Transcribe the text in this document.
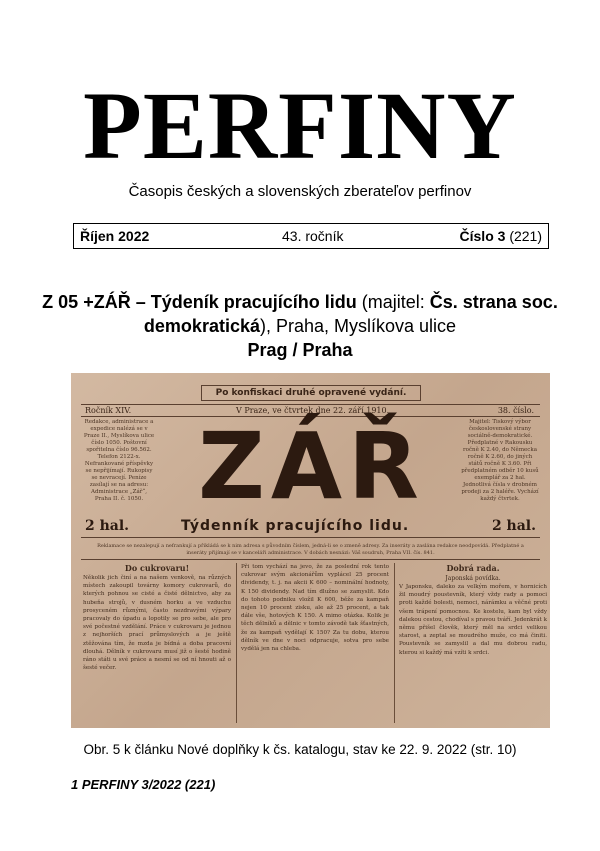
PERFINY
Časopis českých a slovenských zberateľov perfinov
Říjen 2022	43. ročník	Číslo 3 (221)
Z 05 +ZÁŘ – Týdeník pracujícího lidu (majitel: Čs. strana soc. demokratická), Praha, Myslíkova ulice
Prag / Praha
Po konfiskaci druhé opravené vydání.
Ročník XIV.	V Praze, ve čtvrtek dne 22. září 1910.	38. číslo.
Redakce, administrace a expedice nalézá se v Praze II., Myslíkova ulice číslo 1050. Poštovní spořitelna číslo 96.562. Telefon 2122-x. Nefrankované příspěvky se nepřijímají. Rukopisy se nevracejí. Peníze zasílají se na adresu: Administrace „Zář“, Praha II. č. 1050.
Majitel: Tiskový výbor československé strany sociálně-demokratické. Předplatné v Rakousku ročně K 2.40, do Německa ročně K 2.60, do jiných států ročně K 3.60. Při předplatném odběr 10 kusů exemplář za 2 hal. Jednotlivá čísla v drobném prodeji za 2 haléře. Vychází každý čtvrtek.
ZÁŘ
2 hal.	Týdenník pracujícího lidu.	2 hal.
Reklamace se nezalepují a nefrankují a přikládá se k nim adresa s původním číslem, jedná-li se o zmeně adresy. Za inseráty a zaslána redakce neodpovídá. Předplatné a inseráty přijímají se v kanceláři administrace. V dobách nesnázi: Váš soudruh, Praha VII. čís. 841.
Do cukrovaru!
Několik jich činí a na našem venkově, na různých místech zakoupil továrny komory cukrovarů, do kterých pohnou se cisté a čisté dělnictvo, aby za hubeňa strojů, v dusném horku a ve vzduchu prosyceném různými, často nezdravými výpary pracovaly do úpadu a lopotily se pro sebe, ale pro své počestné vzdělání. Práce v cukrovaru je jednou z nejhorších prací průmyslových a je ještě ztěžována tím, že mzda je bídná a doba pracovní dlouhá. Dělník v cukrovaru musí již o šesté hodině ráno státi u své práce a nesmí se od ní hnouti až o šesté večer.
Při tom vychází na jevo, že za poslední rok tento cukrovar svým akcionářům vyplácel 25 procent dividendy, t. j. na akcii K 600 – nominální hodnoty, K 150 dividendy. Nad tím dlužno se zamyslit. Kdo do tohoto podniku vložil K 600, běže za kampaň nejen 10 procent zisku, ale až 25 procent, a tak dále vše, hotových K 150. A mimo otázka. Kolik je těch dělníků a dělnic v tomto závodě tak šťastných, že za kampaň vydělají K 150? Za tu dobu, kterou dělník ve dne v noci odpracuje, sotva pro sebe vydělá jen na chleba.
Dobrá rada.
Japonská povídka.
V Japonsku, daleko za velkým mořem, v hornicích žil moudrý poustevník, který vždy rady a pomoci proti každé bolesti, nemoci, nárámku a věčné proti všem trápení pomocnou. Ke kostelu, kam byl vždy dalekou cestou, chodíval s pravou tváří. Jedenkrát k němu přišel člověk, který měl na srdci velikou starost, a zeptal se moudrého muže, co má činiti. Poustevník se zamyslil a dal mu dobrou radu, kterou si každý má vzíti k srdci.
Obr. 5 k článku Nové doplňky k čs. katalogu, stav ke 22. 9. 2022 (str. 10)
1 PERFINY 3/2022 (221)
